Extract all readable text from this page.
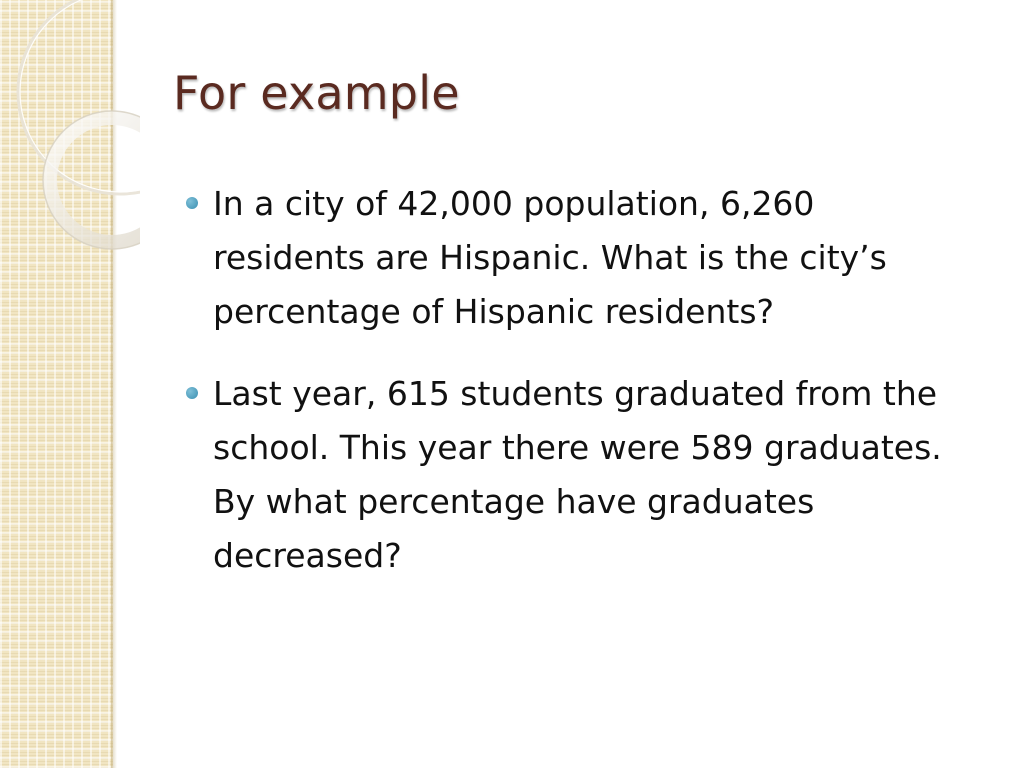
For example
In a city of 42,000 population, 6,260 residents are Hispanic. What is the city’s percentage of Hispanic residents?
Last year, 615 students graduated from the school. This year there were 589 graduates. By what percentage have graduates decreased?
